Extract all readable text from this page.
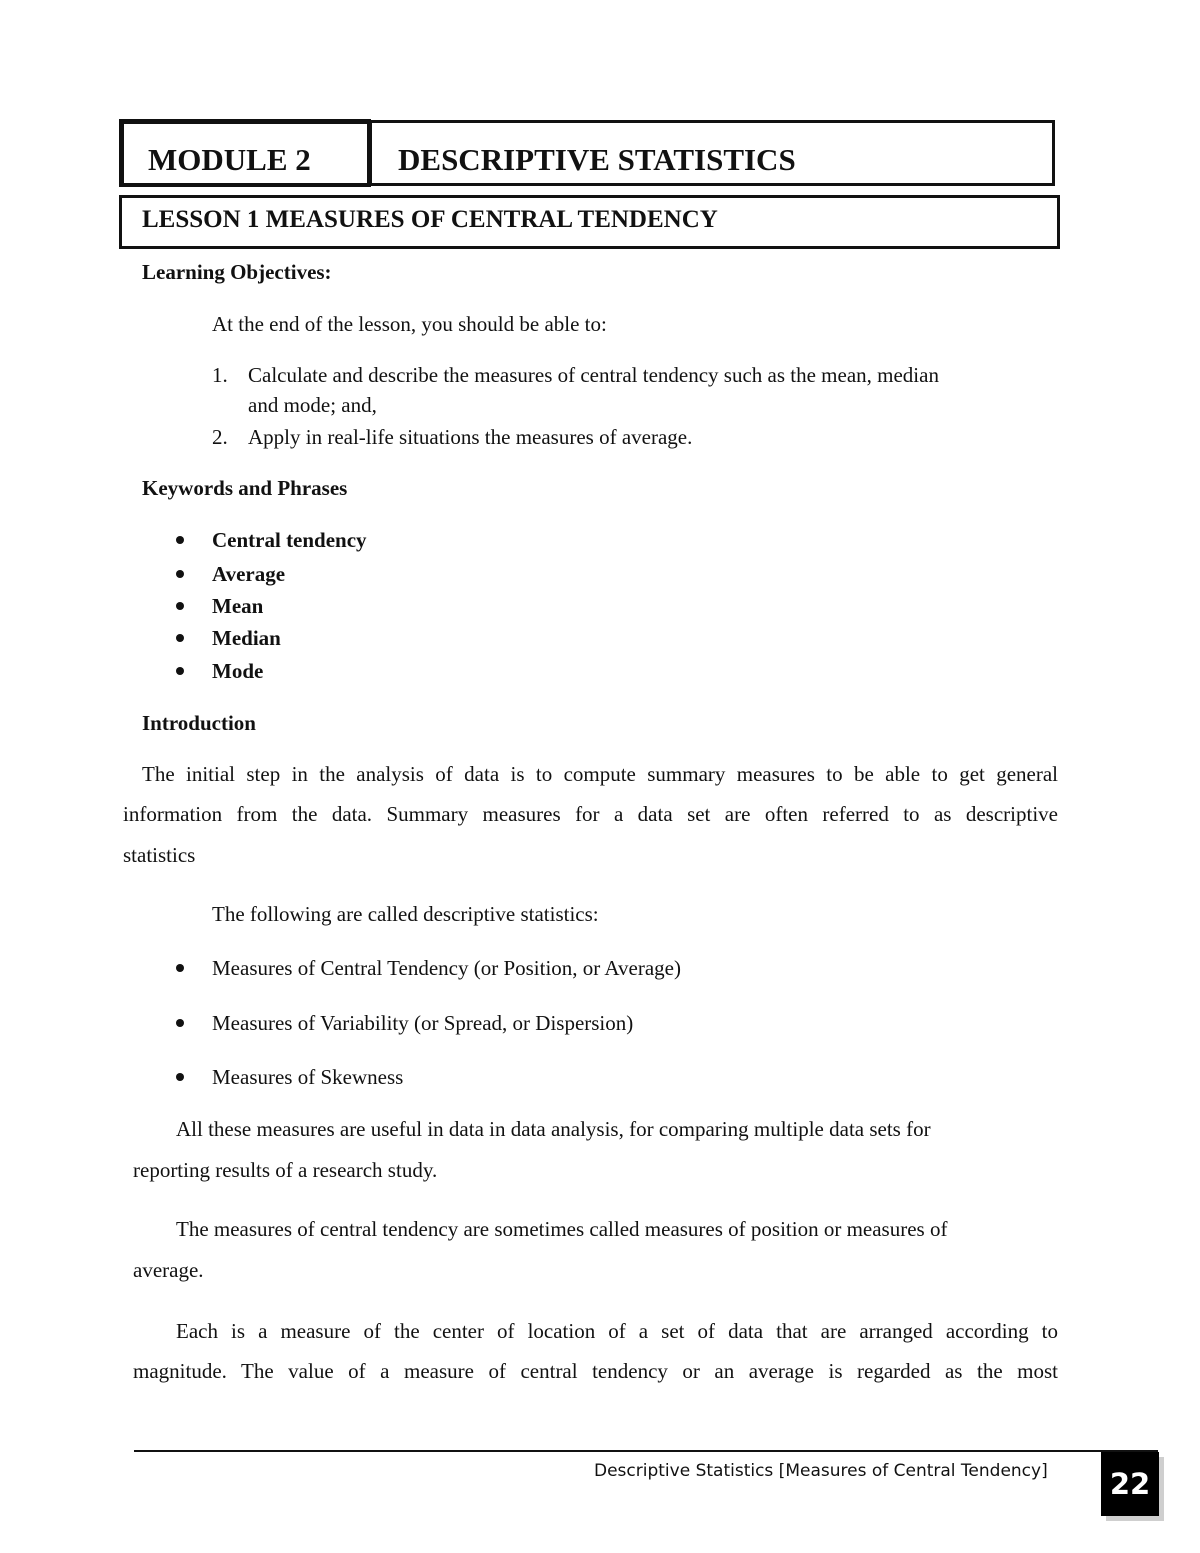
MODULE 2	DESCRIPTIVE STATISTICS
LESSON 1 MEASURES OF CENTRAL TENDENCY
Learning Objectives:
At the end of the lesson, you should be able to:
1. Calculate and describe the measures of central tendency such as the mean, median
and mode; and,
2. Apply in real-life situations the measures of average.
Keywords and Phrases
Central tendency
Average
Mean
Median
Mode
Introduction
The initial step in the analysis of data is to compute summary measures to be able to get general
information from the data. Summary measures for a data set are often referred to as descriptive
statistics
The following are called descriptive statistics:
Measures of Central Tendency (or Position, or Average)
Measures of Variability (or Spread, or Dispersion)
Measures of Skewness
All these measures are useful in data in data analysis, for comparing multiple data sets for
reporting results of a research study.
The measures of central tendency are sometimes called measures of position or measures of
average.
Each is a measure of the center of location of a set of data that are arranged according to
magnitude. The value of a measure of central tendency or an average is regarded as the most
Descriptive Statistics [Measures of Central Tendency]	22
